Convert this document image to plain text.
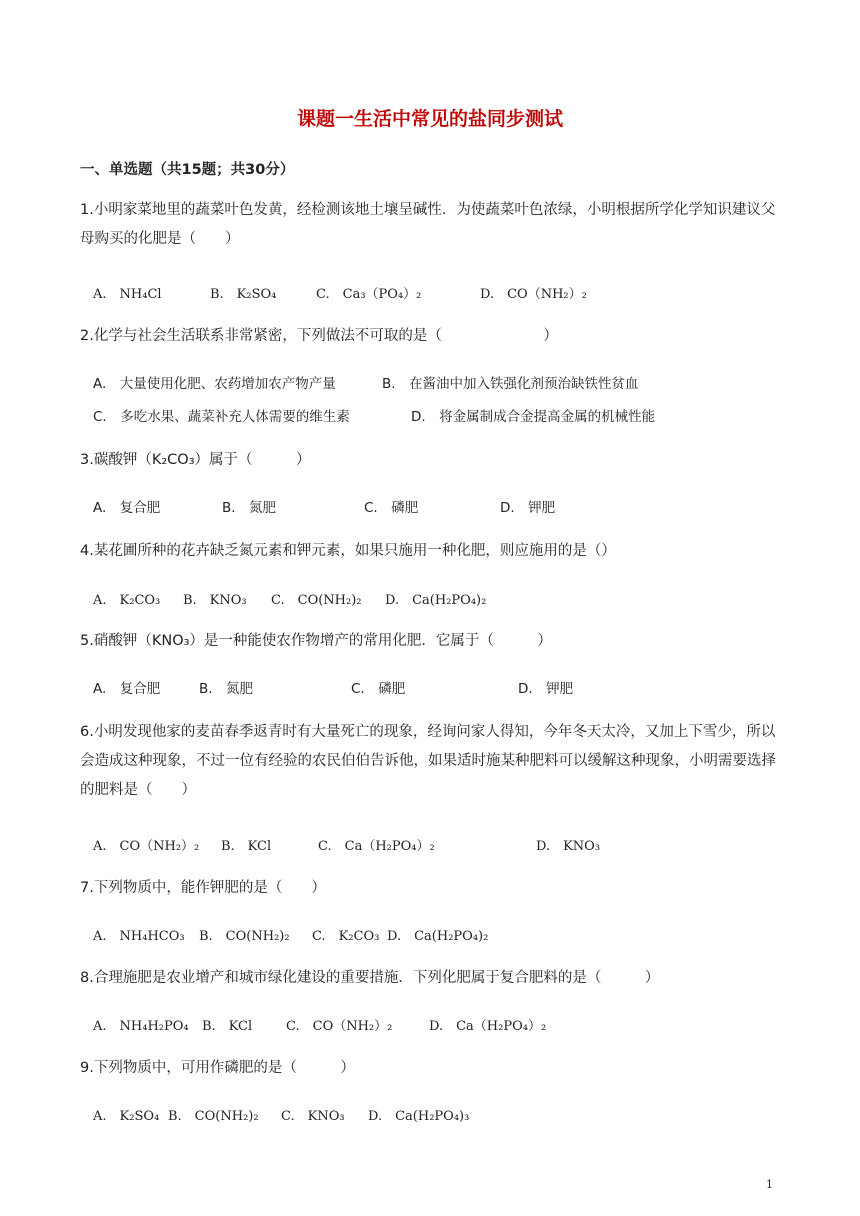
课题一生活中常见的盐同步测试
一、单选题（共15题；共30分）
1.小明家菜地里的蔬菜叶色发黄，经检测该地土壤呈碱性．为使蔬菜叶色浓绿，小明根据所学化学知识建议父母购买的化肥是（　　）
A.　NH₄Cl	B.　K₂SO₄	C.　Ca₃（PO₄）₂	D.　CO（NH₂）₂
2.化学与社会生活联系非常紧密，下列做法不可取的是（　　　　　　　）
A.　大量使用化肥、农药增加农产物产量	B.　在酱油中加入铁强化剂预治缺铁性贫血
C.　多吃水果、蔬菜补充人体需要的维生素	D.　将金属制成合金提高金属的机械性能
3.碳酸钾（K₂CO₃）属于（　　　）
A.　复合肥	B.　氮肥	C.　磷肥	D.　钾肥
4.某花圃所种的花卉缺乏氮元素和钾元素，如果只施用一种化肥，则应施用的是（）
A.　K₂CO₃ B.　KNO₃ C.　CO(NH₂)₂ D.　Ca(H₂PO₄)₂
5.硝酸钾（KNO₃）是一种能使农作物增产的常用化肥．它属于（　　　）
A.　复合肥	B.　氮肥	C.　磷肥	D.　钾肥
6.小明发现他家的麦苗春季返青时有大量死亡的现象，经询问家人得知，今年冬天太冷，又加上下雪少，所以会造成这种现象，不过一位有经验的农民伯伯告诉他，如果适时施某种肥料可以缓解这种现象，小明需要选择的肥料是（　　）
A.　CO（NH₂）₂ B.　KCl	C.　Ca（H₂PO₄）₂	D.　KNO₃
7.下列物质中，能作钾肥的是（　　）
A.　NH₄HCO₃ B.　CO(NH₂)₂ C.　K₂CO₃ D.　Ca(H₂PO₄)₂
8.合理施肥是农业增产和城市绿化建设的重要措施．下列化肥属于复合肥料的是（　　　）
A.　NH₄H₂PO₄ B.　KCl	C.　CO（NH₂）₂	D.　Ca（H₂PO₄）₂
9.下列物质中，可用作磷肥的是（　　　）
A.　K₂SO₄ B.　CO(NH₂)₂ C.　KNO₃ D.　Ca(H₂PO₄)₃
1
